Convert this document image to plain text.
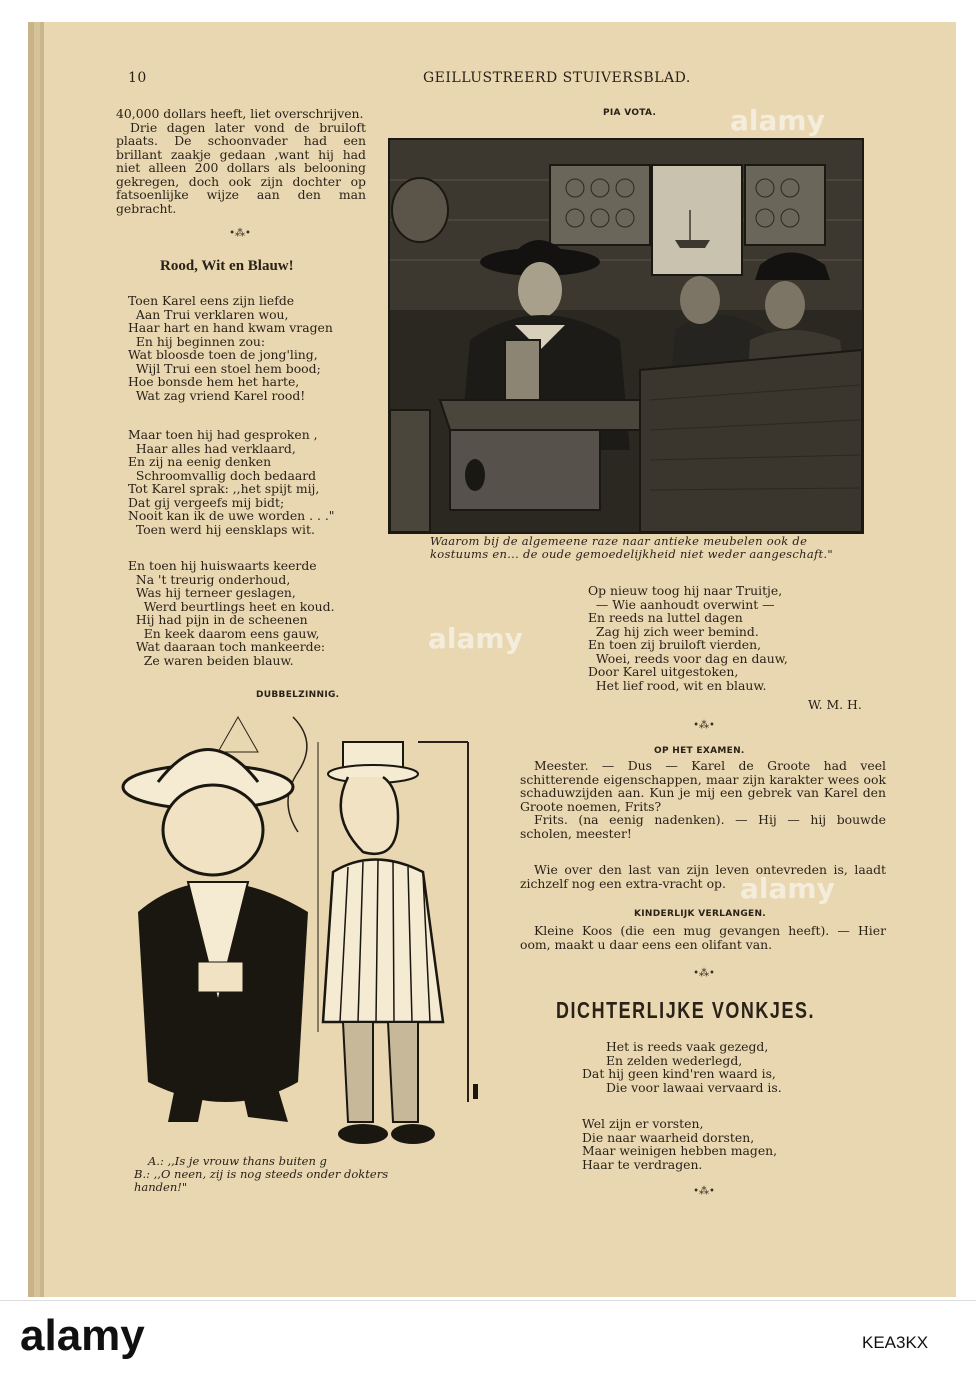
10	GEILLUSTREERD STUIVERSBLAD.

40,000 dollars heeft, liet overschrijven.

Drie dagen later vond de bruiloft plaats. De schoonvader had een brillant zaakje gedaan ,want hij had niet alleen 200 dollars als belooning gekregen, doch ook zijn dochter op fatsoenlijke wijze aan den man gebracht.

•⁂•
Rood, Wit en Blauw!
Toen Karel eens zijn liefde
Aan Trui verklaren wou,
Haar hart en hand kwam vragen
En hij beginnen zou:
Wat bloosde toen de jong'ling,
Wijl Trui een stoel hem bood;
Hoe bonsde hem het harte,
Wat zag vriend Karel rood!
Maar toen hij had gesproken ,
Haar alles had verklaard,
En zij na eenig denken
Schroomvallig doch bedaard
Tot Karel sprak: ,,het spijt mij,
Dat gij vergeefs mij bidt;
Nooit kan ik de uwe worden . . ."
Toen werd hij eensklaps wit.
En toen hij huiswaarts keerde
Na 't treurig onderhoud,
Was hij terneer geslagen,
Werd beurtlings heet en koud.
Hij had pijn in de scheenen
En keek daarom eens gauw,
Wat daaraan toch mankeerde:
Ze waren beiden blauw.
DUBBELZINNIG.
A.: ,,Is je vrouw thans buiten g
B.: ,,O neen, zij is nog steeds onder dokters
handen!"
PIA VOTA.
Waarom bij de algemeene raze naar antieke meubelen ook de
kostuums en... de oude gemoedelijkheid niet weder aangeschaft."
Op nieuw toog hij naar Truitje,
— Wie aanhoudt overwint —
En reeds na luttel dagen
Zag hij zich weer bemind.
En toen zij bruiloft vierden,
Woei, reeds voor dag en dauw,
Door Karel uitgestoken,
Het lief rood, wit en blauw.
W. M. H.
•⁂•
OP HET EXAMEN.

Meester. — Dus — Karel de Groote had veel schitterende eigenschappen, maar zijn karakter wees ook schaduwzijden aan. Kun je mij een gebrek van Karel den Groote noemen, Frits?

Frits. (na eenig nadenken). — Hij — hij bouwde scholen, meester!

Wie over den last van zijn leven ontevreden is, laadt zichzelf nog een extra-vracht op.

KINDERLIJK VERLANGEN.

Kleine Koos (die een mug gevangen heeft). — Hier oom, maakt u daar eens een olifant van.

•⁂•
DICHTERLIJKE VONKJES.
Het is reeds vaak gezegd,
En zelden wederlegd,
Dat hij geen kind'ren waard is,
Die voor lawaai vervaard is.
Wel zijn er vorsten,
Die naar waarheid dorsten,
Maar weinigen hebben magen,
Haar te verdragen.
•⁂•
alamy
alamy
alamy
alamy	KEA3KX
